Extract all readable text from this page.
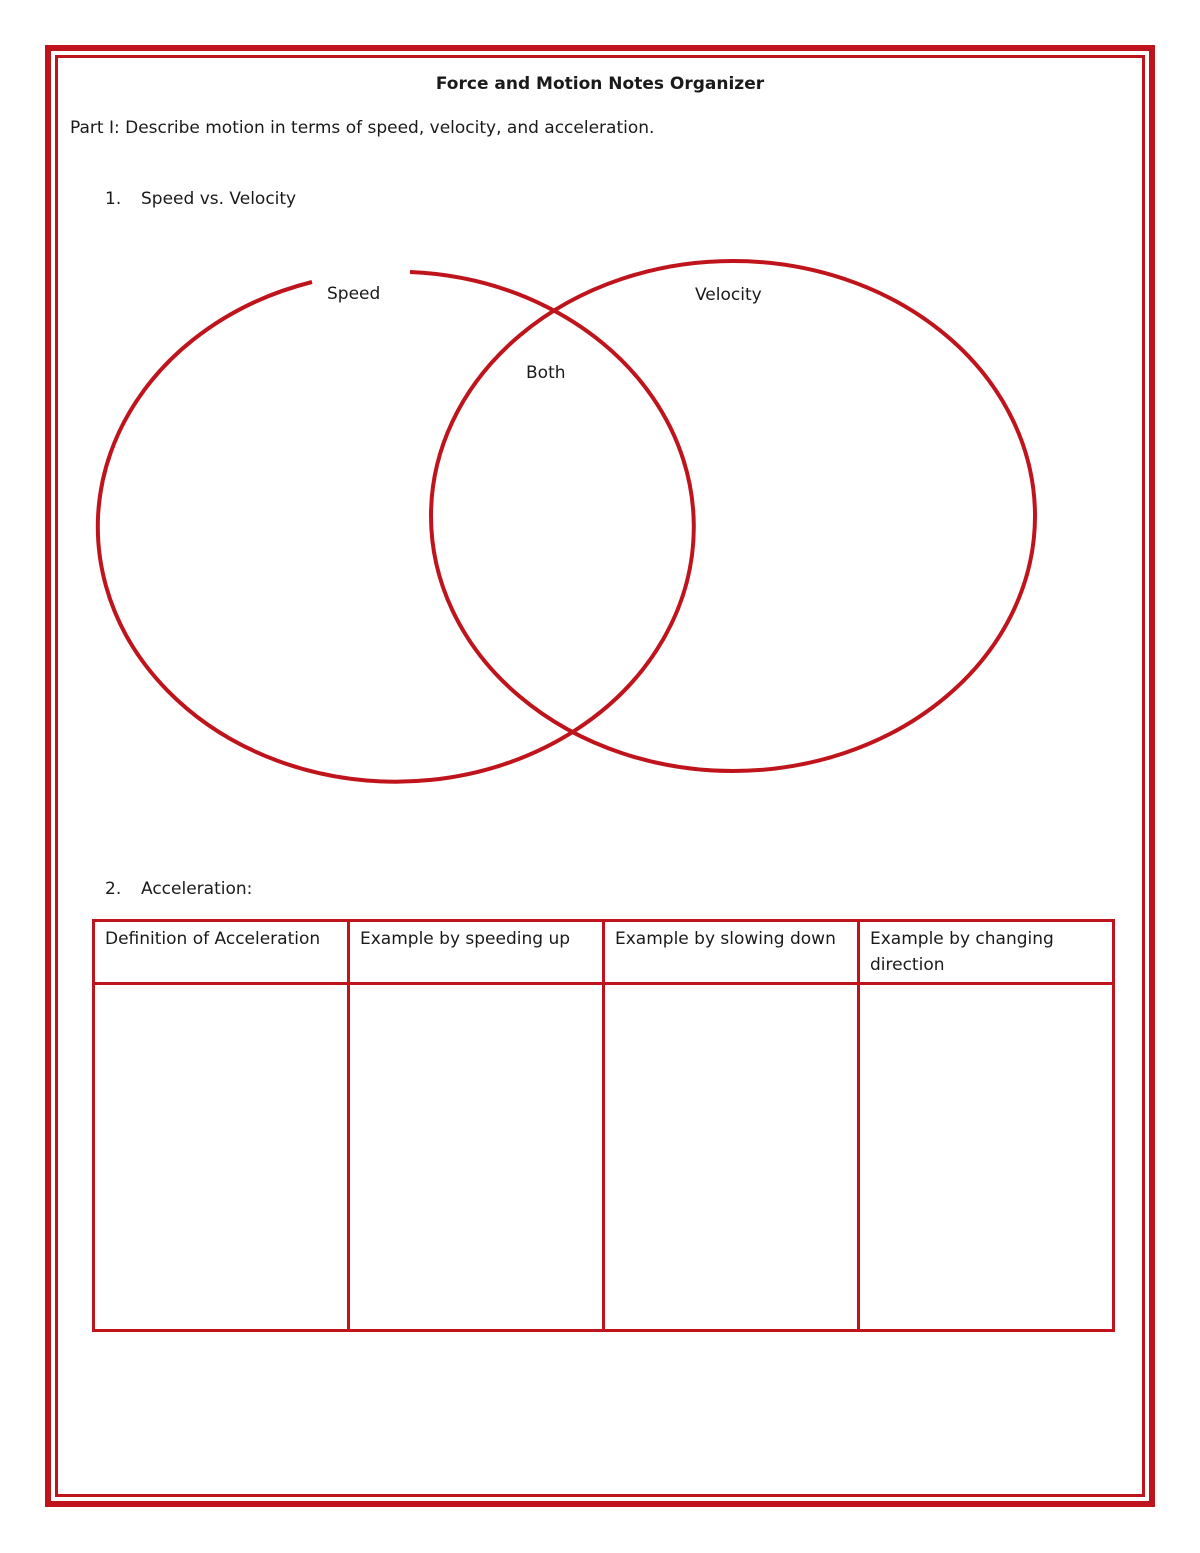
Force and Motion Notes Organizer
Part I: Describe motion in terms of speed, velocity, and acceleration.
1. Speed vs. Velocity
Speed	Velocity
Both
2. Acceleration:
Definition of Acceleration	Example by speeding up	Example by slowing down	Example by changing direction
